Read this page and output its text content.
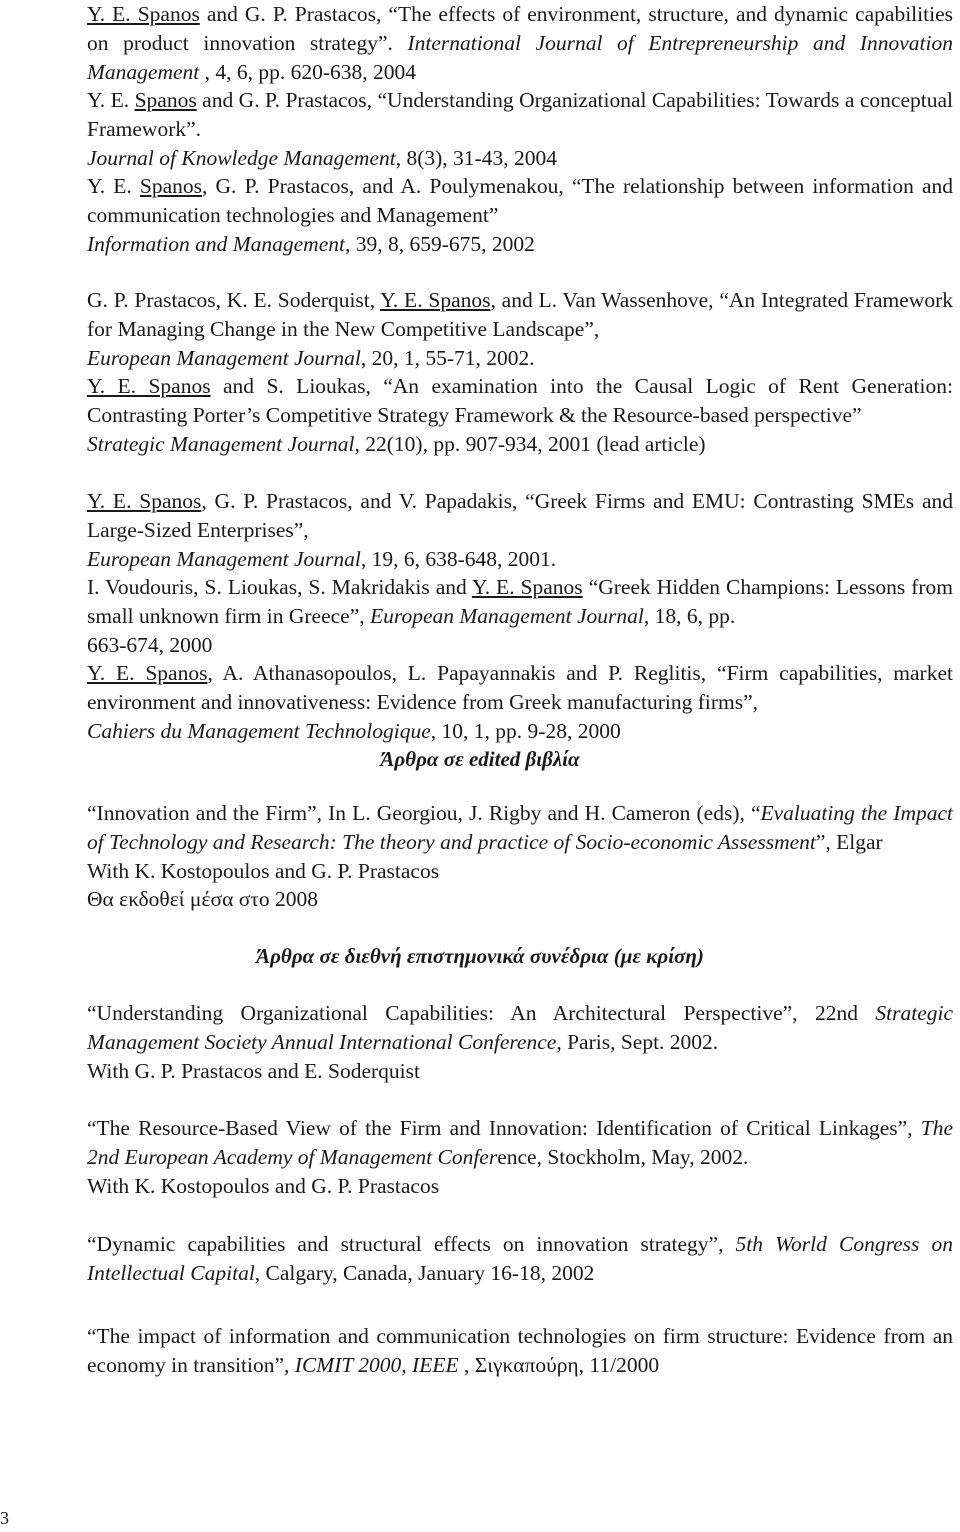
Y. E. Spanos and G. P. Prastacos, “The effects of environment, structure, and dynamic capabilities on product innovation strategy”. International Journal of Entrepreneurship and Innovation Management , 4, 6, pp. 620-638, 2004

Y. E. Spanos and G. P. Prastacos, “Understanding Organizational Capabilities: Towards a conceptual Framework”.
Journal of Knowledge Management, 8(3), 31-43, 2004

Y. E. Spanos, G. P. Prastacos, and A. Poulymenakou, “The relationship between information and communication technologies and Management”
Information and Management, 39, 8, 659-675, 2002

G. P. Prastacos, K. E. Soderquist, Y. E. Spanos, and L. Van Wassenhove, “An Integrated Framework for Managing Change in the New Competitive Landscape”,
European Management Journal, 20, 1, 55-71, 2002.

Y. E. Spanos and S. Lioukas, “An examination into the Causal Logic of Rent Generation: Contrasting Porter’s Competitive Strategy Framework & the Resource-based perspective”
Strategic Management Journal, 22(10), pp. 907-934, 2001 (lead article)

Y. E. Spanos, G. P. Prastacos, and V. Papadakis, “Greek Firms and EMU: Contrasting SMEs and Large-Sized Enterprises”,
European Management Journal, 19, 6, 638-648, 2001.

I. Voudouris, S. Lioukas, S. Makridakis and Y. E. Spanos “Greek Hidden Champions: Lessons from small unknown firm in Greece”, European Management Journal, 18, 6, pp.
663-674, 2000

Y. E. Spanos, A. Athanasopoulos, L. Papayannakis and P. Reglitis, “Firm capabilities, market environment and innovativeness: Evidence from Greek manufacturing firms”,
Cahiers du Management Technologique, 10, 1, pp. 9-28, 2000

Άρθρα σε edited βιβλία

“Innovation and the Firm”, In L. Georgiou, J. Rigby and H. Cameron (eds), “Evaluating the Impact of Technology and Research: The theory and practice of Socio-economic Assessment”, Elgar
With K. Kostopoulos and G. P. Prastacos
Θα εκδοθεί μέσα στο 2008

Άρθρα σε διεθνή επιστημονικά συνέδρια (με κρίση)

“Understanding Organizational Capabilities: An Architectural Perspective”, 22nd Strategic Management Society Annual International Conference, Paris, Sept. 2002.
With G. P. Prastacos and E. Soderquist

“The Resource-Based View of the Firm and Innovation: Identification of Critical Linkages”, The 2nd European Academy of Management Conference, Stockholm, May, 2002.
With K. Kostopoulos and G. P. Prastacos

“Dynamic capabilities and structural effects on innovation strategy”, 5th World Congress on Intellectual Capital, Calgary, Canada, January 16-18, 2002

“The impact of information and communication technologies on firm structure: Evidence from an economy in transition”, ICMIT 2000, IEEE , Σιγκαπούρη, 11/2000

3
